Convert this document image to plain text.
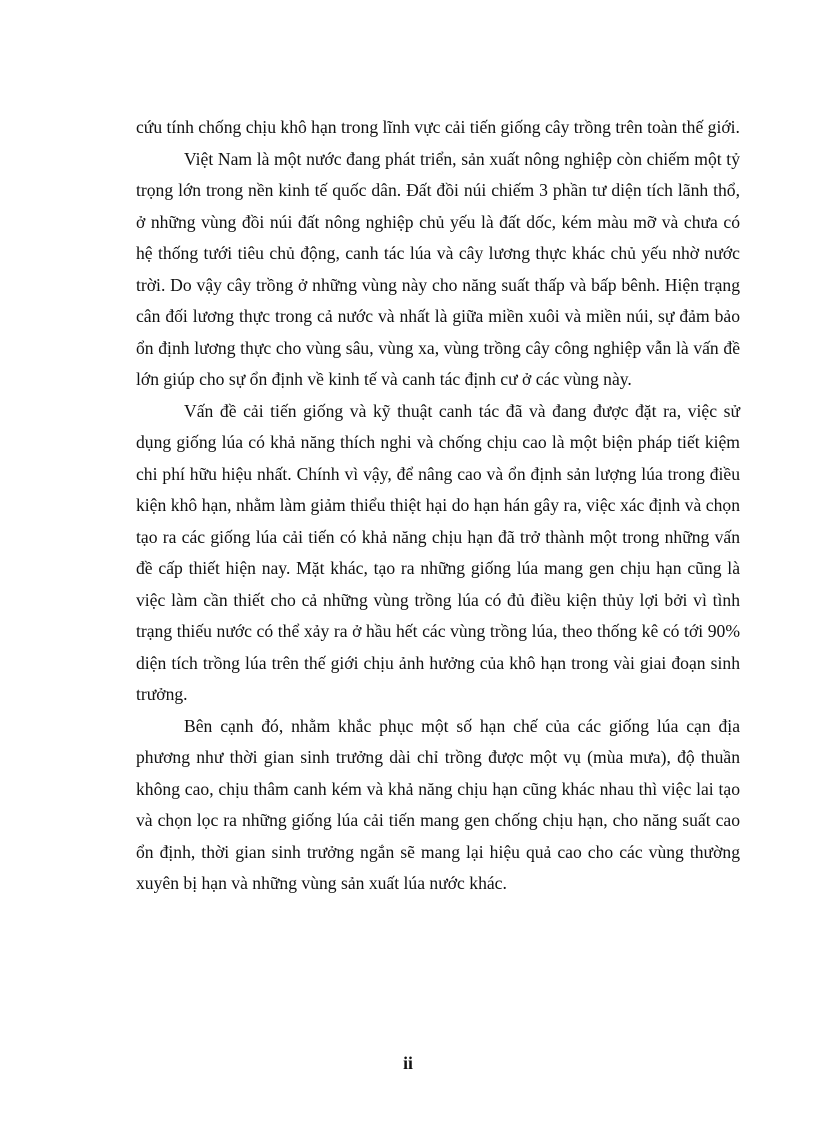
cứu tính chống chịu khô hạn trong lĩnh vực cải tiến giống cây trồng trên toàn thế giới.

Việt Nam là một nước đang phát triển, sản xuất nông nghiệp còn chiếm một tỷ trọng lớn trong nền kinh tế quốc dân. Đất đồi núi chiếm 3 phần tư diện tích lãnh thổ, ở những vùng đồi núi đất nông nghiệp chủ yếu là đất dốc, kém màu mỡ và chưa có hệ thống tưới tiêu chủ động, canh tác lúa và cây lương thực khác chủ yếu nhờ nước trời. Do vậy cây trồng ở những vùng này cho năng suất thấp và bấp bênh. Hiện trạng cân đối lương thực trong cả nước và nhất là giữa miền xuôi và miền núi, sự đảm bảo ổn định lương thực cho vùng sâu, vùng xa, vùng trồng cây công nghiệp vẫn là vấn đề lớn giúp cho sự ổn định về kinh tế và canh tác định cư ở các vùng này.

Vấn đề cải tiến giống và kỹ thuật canh tác đã và đang được đặt ra, việc sử dụng giống lúa có khả năng thích nghi và chống chịu cao là một biện pháp tiết kiệm chi phí hữu hiệu nhất. Chính vì vậy, để nâng cao và ổn định sản lượng lúa trong điều kiện khô hạn, nhằm làm giảm thiểu thiệt hại do hạn hán gây ra, việc xác định và chọn tạo ra các giống lúa cải tiến có khả năng chịu hạn đã trở thành một trong những vấn đề cấp thiết hiện nay. Mặt khác, tạo ra những giống lúa mang gen chịu hạn cũng là việc làm cần thiết cho cả những vùng trồng lúa có đủ điều kiện thủy lợi bởi vì tình trạng thiếu nước có thể xảy ra ở hầu hết các vùng trồng lúa, theo thống kê có tới 90% diện tích trồng lúa trên thế giới chịu ảnh hưởng của khô hạn trong vài giai đoạn sinh trưởng.

Bên cạnh đó, nhằm khắc phục một số hạn chế của các giống lúa cạn địa phương như thời gian sinh trưởng dài chỉ trồng được một vụ (mùa mưa), độ thuần không cao, chịu thâm canh kém và khả năng chịu hạn cũng khác nhau thì việc lai tạo và chọn lọc ra những giống lúa cải tiến mang gen chống chịu hạn, cho năng suất cao ổn định, thời gian sinh trưởng ngắn sẽ mang lại hiệu quả cao cho các vùng thường xuyên bị hạn và những vùng sản xuất lúa nước khác.

ii
